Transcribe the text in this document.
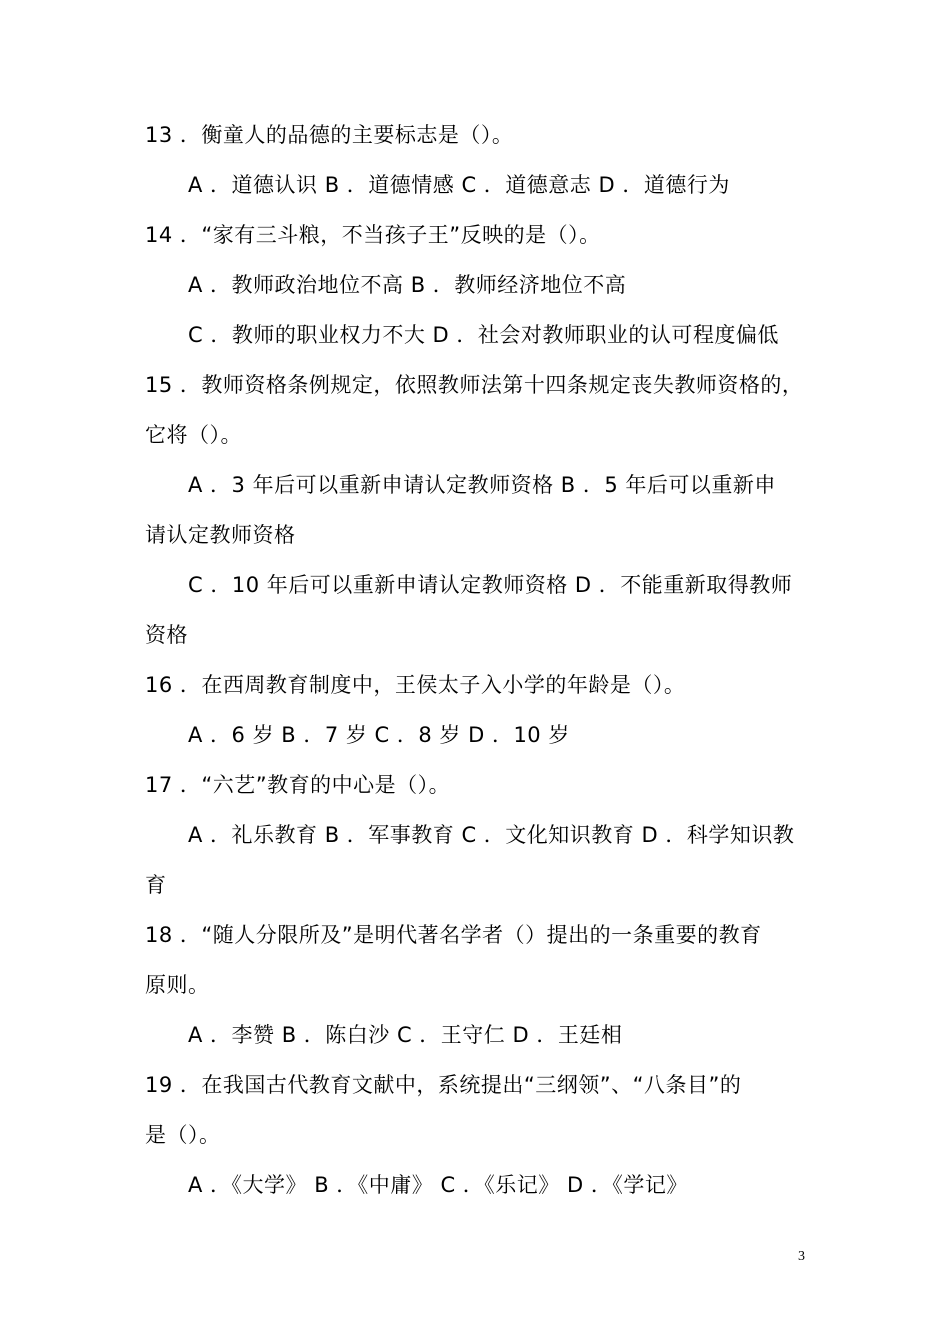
13 ．衡童人的品德的主要标志是（）。
A ．道德认识 B ．道德情感 C ．道德意志 D ．道德行为
14 ．“家有三斗粮，不当孩子王”反映的是（）。
A ．教师政治地位不高 B ．教师经济地位不高
C ．教师的职业权力不大 D ．社会对教师职业的认可程度偏低
15 ．教师资格条例规定，依照教师法第十四条规定丧失教师资格的，
它将（）。
A ．3 年后可以重新申请认定教师资格 B ．5 年后可以重新申
请认定教师资格
C ．10 年后可以重新申请认定教师资格 D ．不能重新取得教师
资格
16 ．在西周教育制度中，王侯太子入小学的年龄是（）。
A ．6 岁 B ．7 岁 C ．8 岁 D ．10 岁
17 ．“六艺”教育的中心是（）。
A ．礼乐教育 B ．军事教育 C ．文化知识教育 D ．科学知识教
育
18 ．“随人分限所及”是明代著名学者（）提出的一条重要的教育
原则。
A ．李赞 B ．陈白沙 C ．王守仁 D ．王廷相
19 ．在我国古代教育文献中，系统提出“三纲领”、“八条目”的
是（）。
A ．《大学》 B ．《中庸》 C ．《乐记》 D ．《学记》
3
